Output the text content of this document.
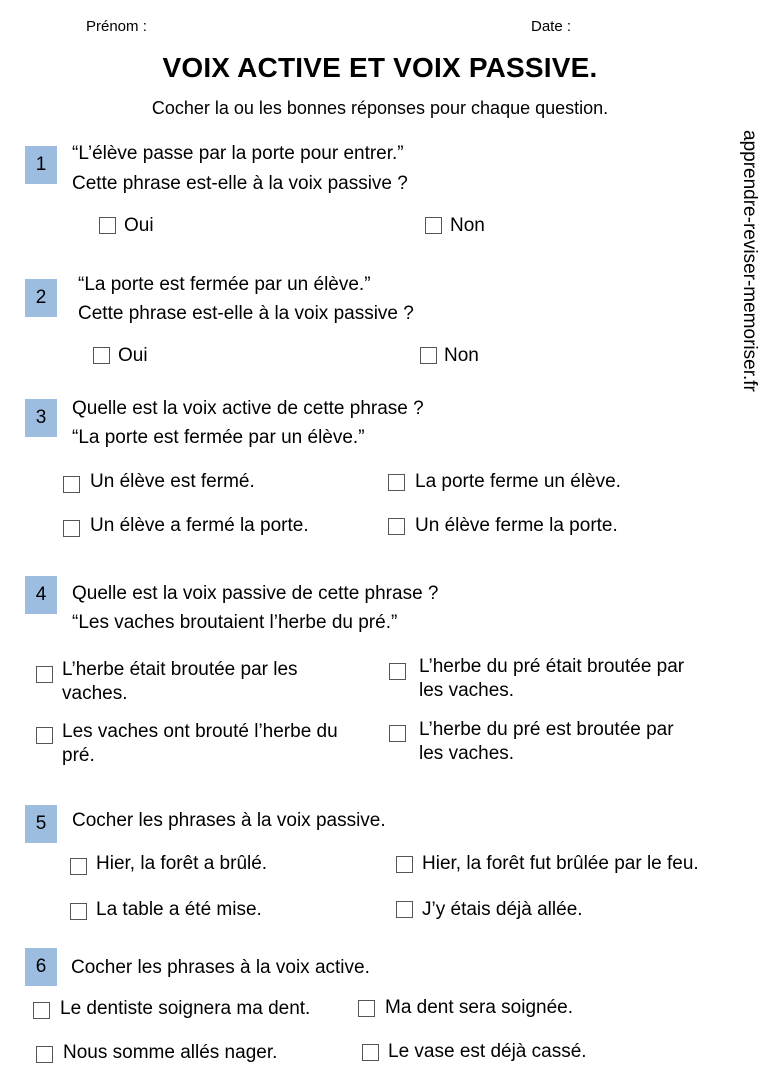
Prénom :	Date :
VOIX ACTIVE ET VOIX PASSIVE.
Cocher la ou les bonnes réponses pour chaque question.
apprendre-reviser-memoriser.fr
1
“L’élève passe par la porte pour entrer.”
Cette phrase est-elle à la voix passive ?
Oui	Non
2
“La porte est fermée par un élève.”
Cette phrase est-elle à la voix passive ?
Oui	Non
3	Quelle est la voix active de cette phrase ?
“La porte est fermée par un élève.”
Un élève est fermé.	La porte ferme un élève.
Un élève a fermé la porte.	Un élève ferme la porte.
4	Quelle est la voix passive de cette phrase ?
“Les vaches broutaient l’herbe du pré.”
L’herbe était broutée par les vaches.
L’herbe du pré était broutée par les vaches.
Les vaches ont brouté l’herbe du pré.
L’herbe du pré est broutée par les vaches.
5	Cocher les phrases à la voix passive.
Hier, la forêt a brûlé.	Hier, la forêt fut brûlée par le feu.
La table a été mise.	J’y étais déjà allée.
6	Cocher les phrases à la voix active.
Le dentiste soignera ma dent.	Ma dent sera soignée.
Nous somme allés nager.	Le vase est déjà cassé.
